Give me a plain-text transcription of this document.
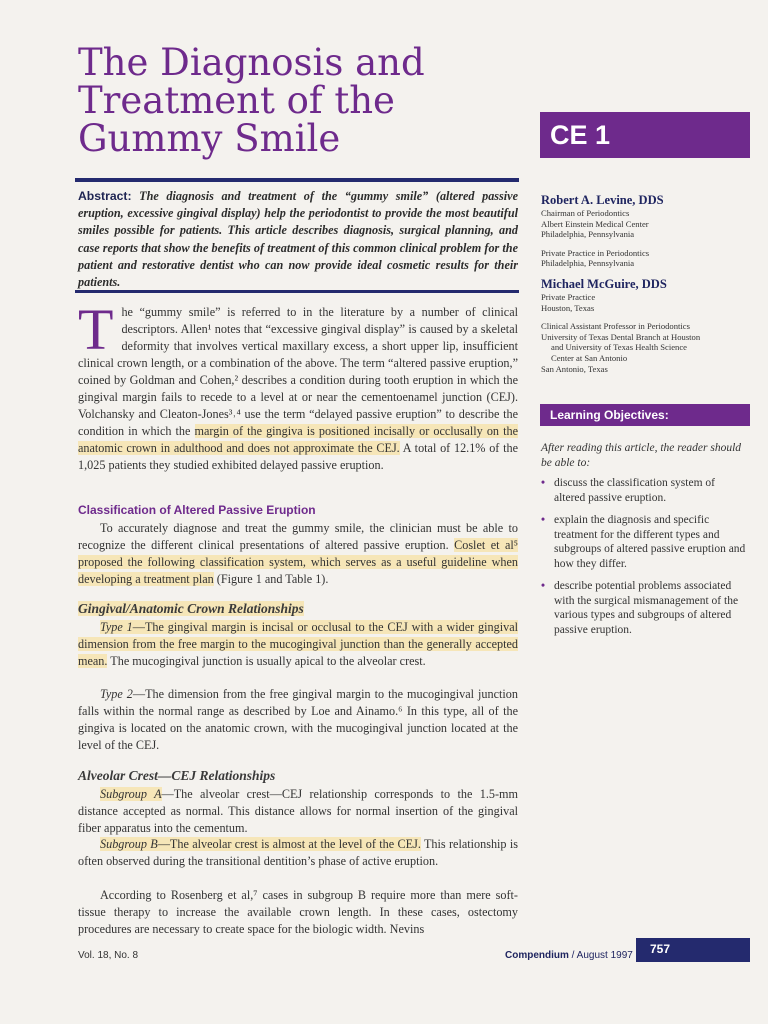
The Diagnosis and
Treatment of the
Gummy Smile	CE 1
Abstract: The diagnosis and treatment of the “gummy smile” (altered passive eruption, excessive gingival display) help the periodontist to provide the most beautiful smiles possible for patients. This article describes diagnosis, surgical planning, and case reports that show the benefits of treatment of this common clinical problem for the patient and restorative dentist who can now provide ideal cosmetic results for their patients.
The “gummy smile” is referred to in the literature by a number of clinical descriptors. Allen¹ notes that “excessive gingival display” is caused by a skeletal deformity that involves vertical maxillary excess, a short upper lip, insufficient clinical crown length, or a combination of the above. The term “altered passive eruption,” coined by Goldman and Cohen,² describes a condition during tooth eruption in which the gingival margin fails to recede to a level at or near the cementoenamel junction (CEJ). Volchansky and Cleaton-Jones³˒⁴ use the term “delayed passive eruption” to describe the condition in which the margin of the gingiva is positioned incisally or occlusally on the anatomic crown in adulthood and does not approximate the CEJ. A total of 12.1% of the 1,025 patients they studied exhibited delayed passive eruption.
Classification of Altered Passive Eruption
To accurately diagnose and treat the gummy smile, the clinician must be able to recognize the different clinical presentations of altered passive eruption. Coslet et al⁵ proposed the following classification system, which serves as a useful guideline when developing a treatment plan (Figure 1 and Table 1).
Gingival/Anatomic Crown Relationships
Type 1—The gingival margin is incisal or occlusal to the CEJ with a wider gingival dimension from the free margin to the mucogingival junction than the generally accepted mean. The mucogingival junction is usually apical to the alveolar crest.
Type 2—The dimension from the free gingival margin to the mucogingival junction falls within the normal range as described by Loe and Ainamo.⁶ In this type, all of the gingiva is located on the anatomic crown, with the mucogingival junction located at the level of the CEJ.
Alveolar Crest—CEJ Relationships
Subgroup A—The alveolar crest—CEJ relationship corresponds to the 1.5-mm distance accepted as normal. This distance allows for normal insertion of the gingival fiber apparatus into the cementum.
Subgroup B—The alveolar crest is almost at the level of the CEJ. This relationship is often observed during the transitional dentition’s phase of active eruption.
According to Rosenberg et al,⁷ cases in subgroup B require more than mere soft-tissue therapy to increase the available crown length. In these cases, ostectomy procedures are necessary to create space for the biologic width. Nevins
Robert A. Levine, DDS
Chairman of Periodontics
Albert Einstein Medical Center
Philadelphia, Pennsylvania
Private Practice in Periodontics
Philadelphia, Pennsylvania
Michael McGuire, DDS
Private Practice
Houston, Texas
Clinical Assistant Professor in Periodontics
University of Texas Dental Branch at Houston
and University of Texas Health Science
Center at San Antonio
San Antonio, Texas
Learning Objectives:
After reading this article, the reader should be able to:
• discuss the classification system of altered passive eruption.
• explain the diagnosis and specific treatment for the different types and subgroups of altered passive eruption and how they differ.
• describe potential problems associated with the surgical mismanagement of the various types and subgroups of altered passive eruption.
Vol. 18, No. 8	Compendium / August 1997	757
